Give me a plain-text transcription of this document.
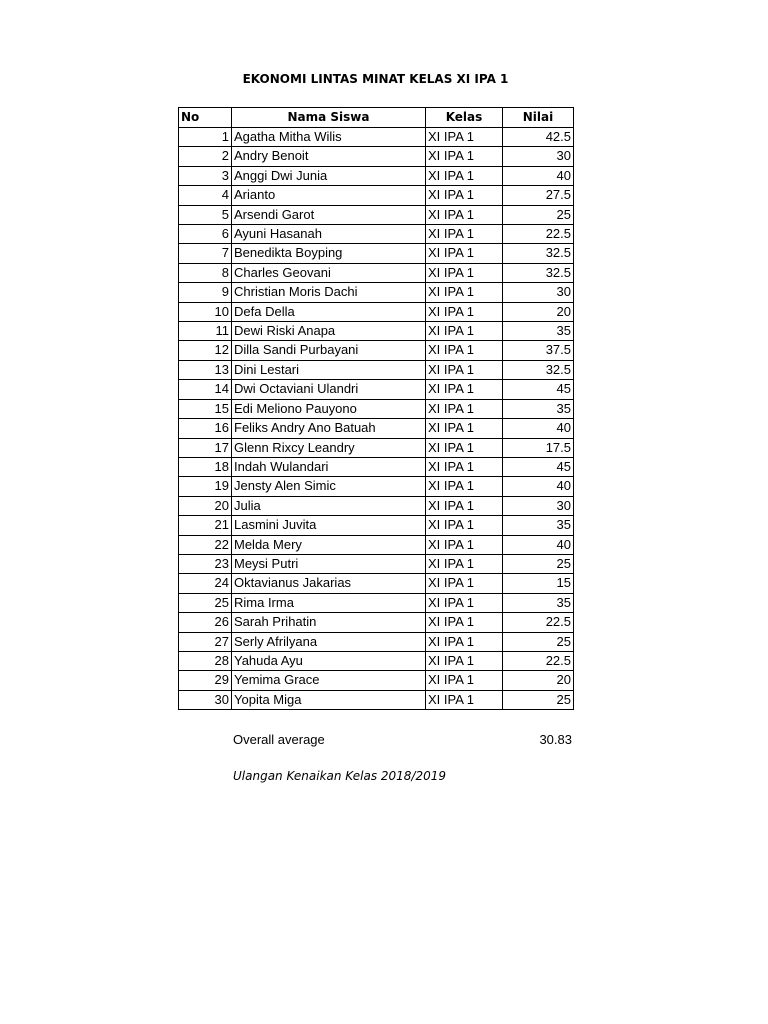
EKONOMI LINTAS MINAT KELAS XI IPA 1
No	Nama Siswa	Kelas	Nilai
1	Agatha Mitha Wilis	XI IPA 1	42.5
2	Andry Benoit	XI IPA 1	30
3	Anggi Dwi Junia	XI IPA 1	40
4	Arianto	XI IPA 1	27.5
5	Arsendi Garot	XI IPA 1	25
6	Ayuni Hasanah	XI IPA 1	22.5
7	Benedikta Boyping	XI IPA 1	32.5
8	Charles Geovani	XI IPA 1	32.5
9	Christian Moris Dachi	XI IPA 1	30
10	Defa Della	XI IPA 1	20
11	Dewi Riski Anapa	XI IPA 1	35
12	Dilla Sandi Purbayani	XI IPA 1	37.5
13	Dini Lestari	XI IPA 1	32.5
14	Dwi Octaviani Ulandri	XI IPA 1	45
15	Edi Meliono Pauyono	XI IPA 1	35
16	Feliks Andry Ano Batuah	XI IPA 1	40
17	Glenn Rixcy Leandry	XI IPA 1	17.5
18	Indah Wulandari	XI IPA 1	45
19	Jensty Alen Simic	XI IPA 1	40
20	Julia	XI IPA 1	30
21	Lasmini Juvita	XI IPA 1	35
22	Melda Mery	XI IPA 1	40
23	Meysi Putri	XI IPA 1	25
24	Oktavianus Jakarias	XI IPA 1	15
25	Rima Irma	XI IPA 1	35
26	Sarah Prihatin	XI IPA 1	22.5
27	Serly Afrilyana	XI IPA 1	25
28	Yahuda Ayu	XI IPA 1	22.5
29	Yemima Grace	XI IPA 1	20
30	Yopita Miga	XI IPA 1	25
Overall average	30.83
Ulangan Kenaikan Kelas 2018/2019
